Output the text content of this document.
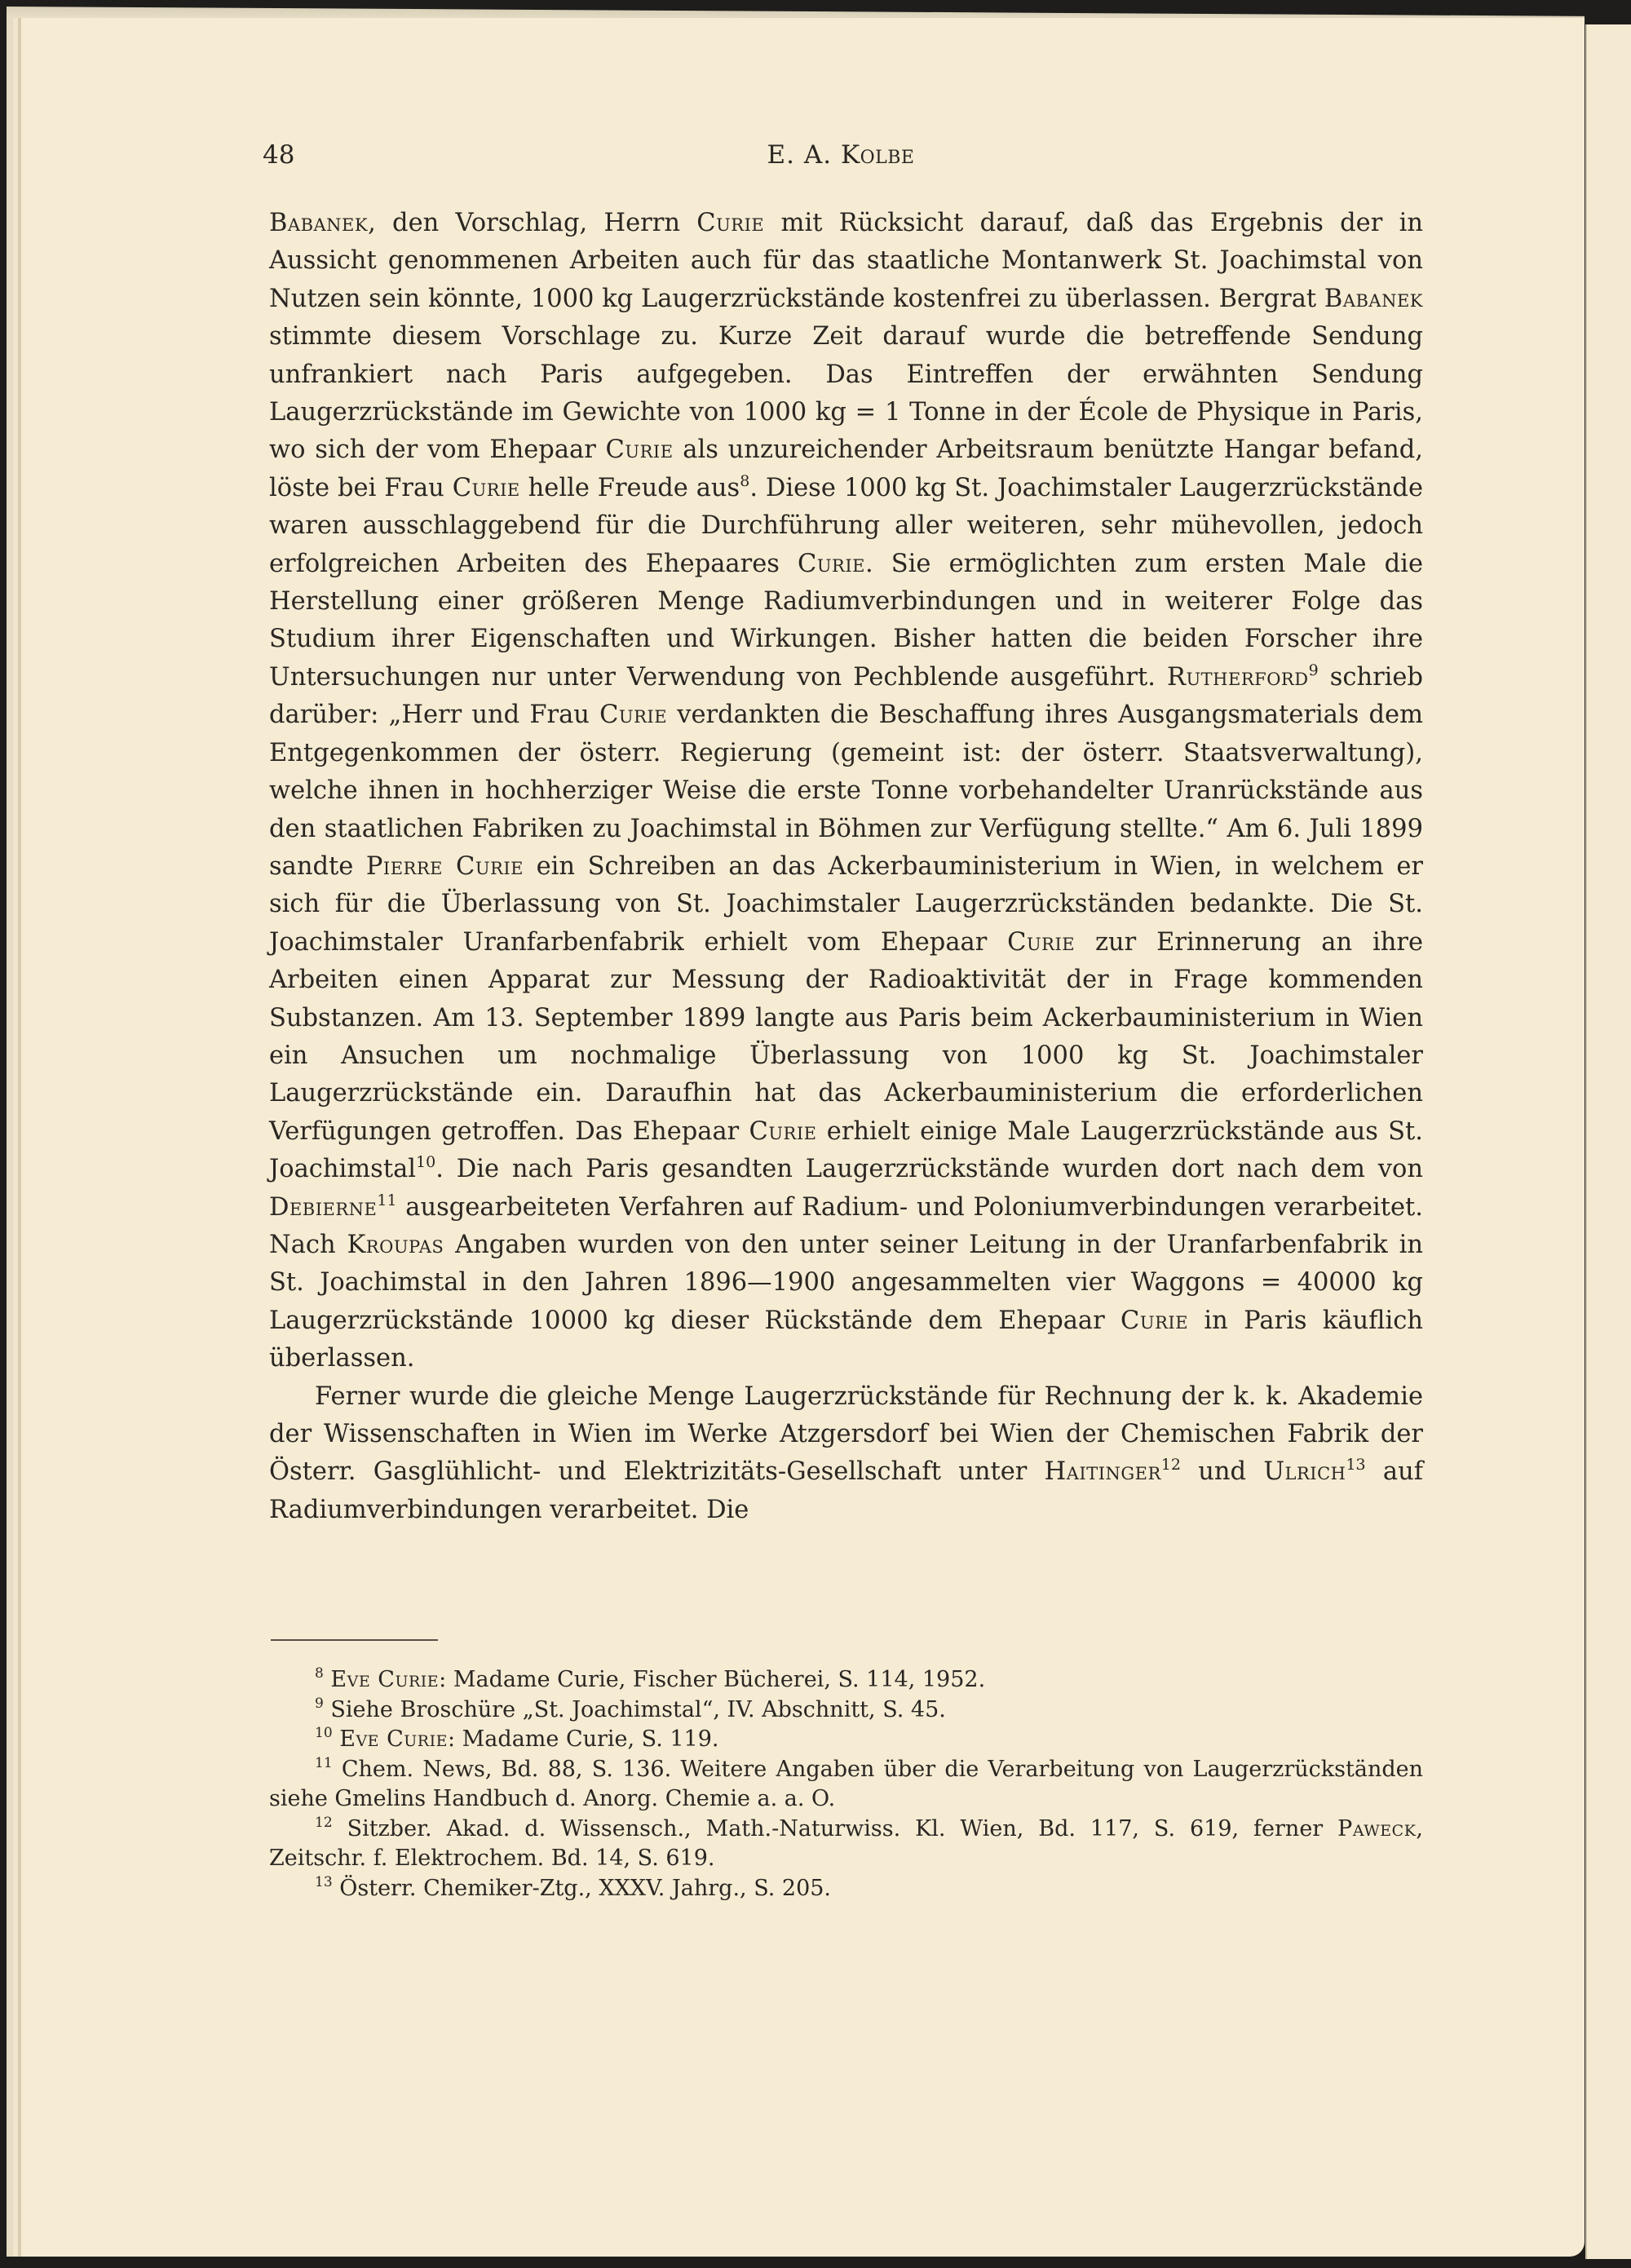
48	E. A. Kolbe

Babanek, den Vorschlag, Herrn Curie mit Rücksicht darauf, daß das Ergebnis der in Aussicht genommenen Arbeiten auch für das staatliche Montanwerk St. Joachimstal von Nutzen sein könnte, 1000 kg Laugerzrückstände kostenfrei zu überlassen. Bergrat Babanek stimmte diesem Vorschlage zu. Kurze Zeit darauf wurde die betreffende Sendung unfrankiert nach Paris aufgegeben. Das Eintreffen der erwähnten Sendung Laugerzrückstände im Gewichte von 1000 kg = 1 Tonne in der École de Physique in Paris, wo sich der vom Ehepaar Curie als unzureichender Arbeitsraum benützte Hangar befand, löste bei Frau Curie helle Freude aus$^8$. Diese 1000 kg St. Joachimstaler Laugerzrückstände waren ausschlaggebend für die Durchführung aller weiteren, sehr mühevollen, jedoch erfolgreichen Arbeiten des Ehepaares Curie. Sie ermöglichten zum ersten Male die Herstellung einer größeren Menge Radiumverbindungen und in weiterer Folge das Studium ihrer Eigenschaften und Wirkungen. Bisher hatten die beiden Forscher ihre Untersuchungen nur unter Verwendung von Pechblende ausgeführt. Rutherford$^9$ schrieb darüber: „Herr und Frau Curie verdankten die Beschaffung ihres Ausgangsmaterials dem Entgegenkommen der österr. Regierung (gemeint ist: der österr. Staatsverwaltung), welche ihnen in hochherziger Weise die erste Tonne vorbehandelter Uranrückstände aus den staatlichen Fabriken zu Joachimstal in Böhmen zur Verfügung stellte.“ Am 6. Juli 1899 sandte Pierre Curie ein Schreiben an das Ackerbauministerium in Wien, in welchem er sich für die Überlassung von St. Joachimstaler Laugerzrückständen bedankte. Die St. Joachimstaler Uranfarbenfabrik erhielt vom Ehepaar Curie zur Erinnerung an ihre Arbeiten einen Apparat zur Messung der Radioaktivität der in Frage kommenden Substanzen. Am 13. September 1899 langte aus Paris beim Ackerbauministerium in Wien ein Ansuchen um nochmalige Überlassung von 1000 kg St. Joachimstaler Laugerzrückstände ein. Daraufhin hat das Ackerbauministerium die erforderlichen Verfügungen getroffen. Das Ehepaar Curie erhielt einige Male Laugerzrückstände aus St. Joachimstal$^{10}$. Die nach Paris gesandten Laugerzrückstände wurden dort nach dem von Debierne$^{11}$ ausgearbeiteten Verfahren auf Radium- und Poloniumverbindungen verarbeitet. Nach Kroupas Angaben wurden von den unter seiner Leitung in der Uranfarbenfabrik in St. Joachimstal in den Jahren 1896—1900 angesammelten vier Waggons = 40000 kg Laugerzrückstände 10000 kg dieser Rückstände dem Ehepaar Curie in Paris käuflich überlassen.

Ferner wurde die gleiche Menge Laugerzrückstände für Rechnung der k. k. Akademie der Wissenschaften in Wien im Werke Atzgersdorf bei Wien der Chemischen Fabrik der Österr. Gasglühlicht- und Elektrizitäts-Gesellschaft unter Haitinger$^{12}$ und Ulrich$^{13}$ auf Radiumverbindungen verarbeitet. Die

$^8$ Eve Curie: Madame Curie, Fischer Bücherei, S. 114, 1952.

$^9$ Siehe Broschüre „St. Joachimstal“, IV. Abschnitt, S. 45.

$^{10}$ Eve Curie: Madame Curie, S. 119.

$^{11}$ Chem. News, Bd. 88, S. 136. Weitere Angaben über die Verarbeitung von Laugerzrückständen siehe Gmelins Handbuch d. Anorg. Chemie a. a. O.

$^{12}$ Sitzber. Akad. d. Wissensch., Math.-Naturwiss. Kl. Wien, Bd. 117, S. 619, ferner Paweck, Zeitschr. f. Elektrochem. Bd. 14, S. 619.

$^{13}$ Österr. Chemiker-Ztg., XXXV. Jahrg., S. 205.
